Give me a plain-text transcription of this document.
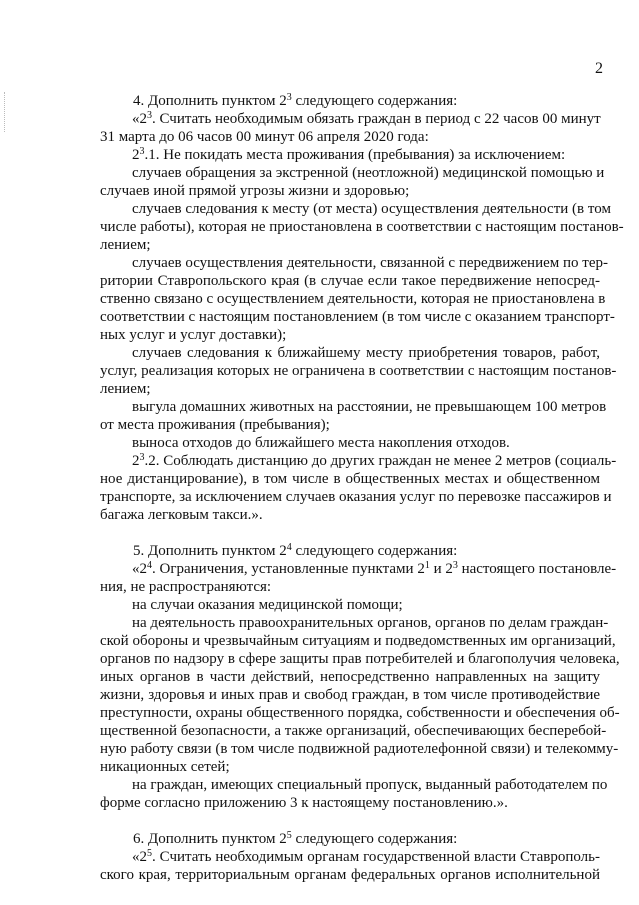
2
4. Дополнить пунктом $2^3$ следующего содержания:
«$2^3$. Считать необходимым обязать граждан в период с 22 часов 00 минут
31 марта до 06 часов 00 минут 06 апреля 2020 года:
$2^3.1$. Не покидать места проживания (пребывания) за исключением:
случаев обращения за экстренной (неотложной) медицинской помощью и
случаев иной прямой угрозы жизни и здоровью;
случаев следования к месту (от места) осуществления деятельности (в том
числе работы), которая не приостановлена в соответствии с настоящим постанов-
лением;
случаев осуществления деятельности, связанной с передвижением по тер-
ритории Ставропольского края (в случае если такое передвижение непосред-
ственно связано с осуществлением деятельности, которая не приостановлена в
соответствии с настоящим постановлением (в том числе с оказанием транспорт-
ных услуг и услуг доставки);
случаев следования к ближайшему месту приобретения товаров, работ,
услуг, реализация которых не ограничена в соответствии с настоящим постанов-
лением;
выгула домашних животных на расстоянии, не превышающем 100 метров
от места проживания (пребывания);
выноса отходов до ближайшего места накопления отходов.
$2^3.2$. Соблюдать дистанцию до других граждан не менее 2 метров (социаль-
ное дистанцирование), в том числе в общественных местах и общественном
транспорте, за исключением случаев оказания услуг по перевозке пассажиров и
багажа легковым такси.».
5. Дополнить пунктом $2^4$ следующего содержания:
«$2^4$. Ограничения, установленные пунктами $2^1$ и $2^3$ настоящего постановле-
ния, не распространяются:
на случаи оказания медицинской помощи;
на деятельность правоохранительных органов, органов по делам граждан-
ской обороны и чрезвычайным ситуациям и подведомственных им организаций,
органов по надзору в сфере защиты прав потребителей и благополучия человека,
иных органов в части действий, непосредственно направленных на защиту
жизни, здоровья и иных прав и свобод граждан, в том числе противодействие
преступности, охраны общественного порядка, собственности и обеспечения об-
щественной безопасности, а также организаций, обеспечивающих бесперебой-
ную работу связи (в том числе подвижной радиотелефонной связи) и телекомму-
никационных сетей;
на граждан, имеющих специальный пропуск, выданный работодателем по
форме согласно приложению 3 к настоящему постановлению.».
6. Дополнить пунктом $2^5$ следующего содержания:
«$2^5$. Считать необходимым органам государственной власти Ставрополь-
ского края, территориальным органам федеральных органов исполнительной
